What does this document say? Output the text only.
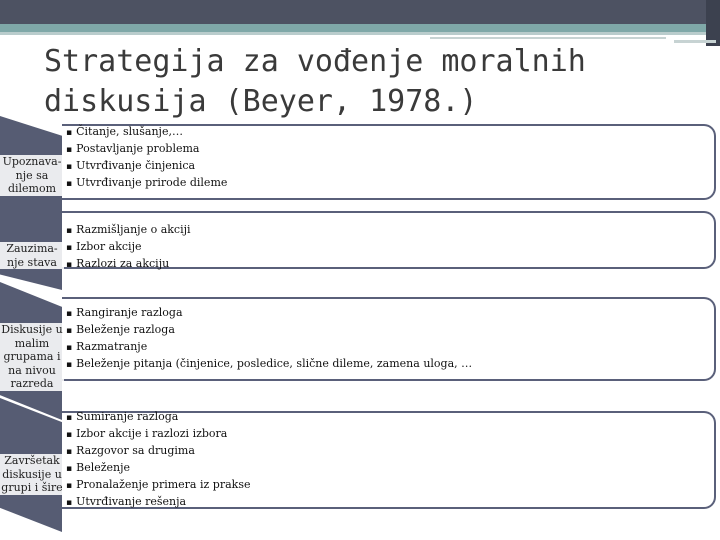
Strategija za vođenje moralnih diskusija (Beyer, 1978.)
Upoznava-
nje sa
dilemom
▪ Čitanje, slušanje,…
▪ Postavljanje problema
▪ Utvrđivanje činjenica
▪ Utvrđivanje prirode dileme
Zauzima-
nje stava
▪ Razmišljanje o akciji
▪ Izbor akcije
▪ Razlozi za akciju
Diskusije u
malim
grupama i
na nivou
razreda
▪ Rangiranje razloga
▪ Beleženje razloga
▪ Razmatranje
▪ Beleženje pitanja (činjenice, posledice, slične dileme, zamena uloga, …
Završetak
diskusije u
grupi i šire
▪ Sumiranje razloga
▪ Izbor akcije i razlozi izbora
▪ Razgovor sa drugima
▪ Beleženje
▪ Pronalaženje primera iz prakse
▪ Utvrđivanje rešenja
